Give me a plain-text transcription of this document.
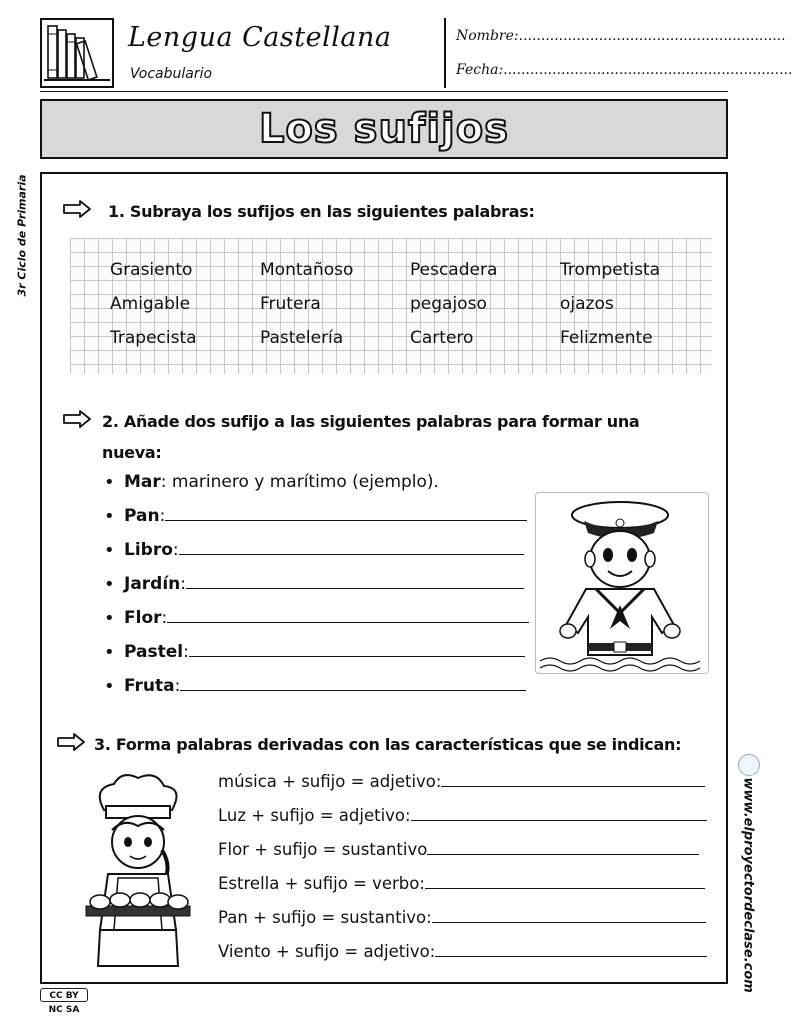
Lengua Castellana
Vocabulario
Nombre:............................................................
Fecha:.................................................................
Los sufijos
3r Ciclo de Primaria
www.elproyectordeclase.com
1. Subraya los sufijos en las siguientes palabras:
Grasiento	Montañoso	Pescadera	Trompetista
Amigable	Frutera	pegajoso	ojazos
Trapecista	Pastelería	Cartero	Felizmente
2. Añade dos sufijo a las siguientes palabras para formar una
nueva:
• Mar: marinero y marítimo (ejemplo).
• Pan:
• Libro:
• Jardín:
• Flor:
• Pastel:
• Fruta:
3. Forma palabras derivadas con las características que se indican:
música + sufijo = adjetivo:
Luz + sufijo = adjetivo:
Flor + sufijo = sustantivo
Estrella + sufijo = verbo:
Pan + sufijo = sustantivo:
Viento + sufijo = adjetivo:
CC BY NC SA
